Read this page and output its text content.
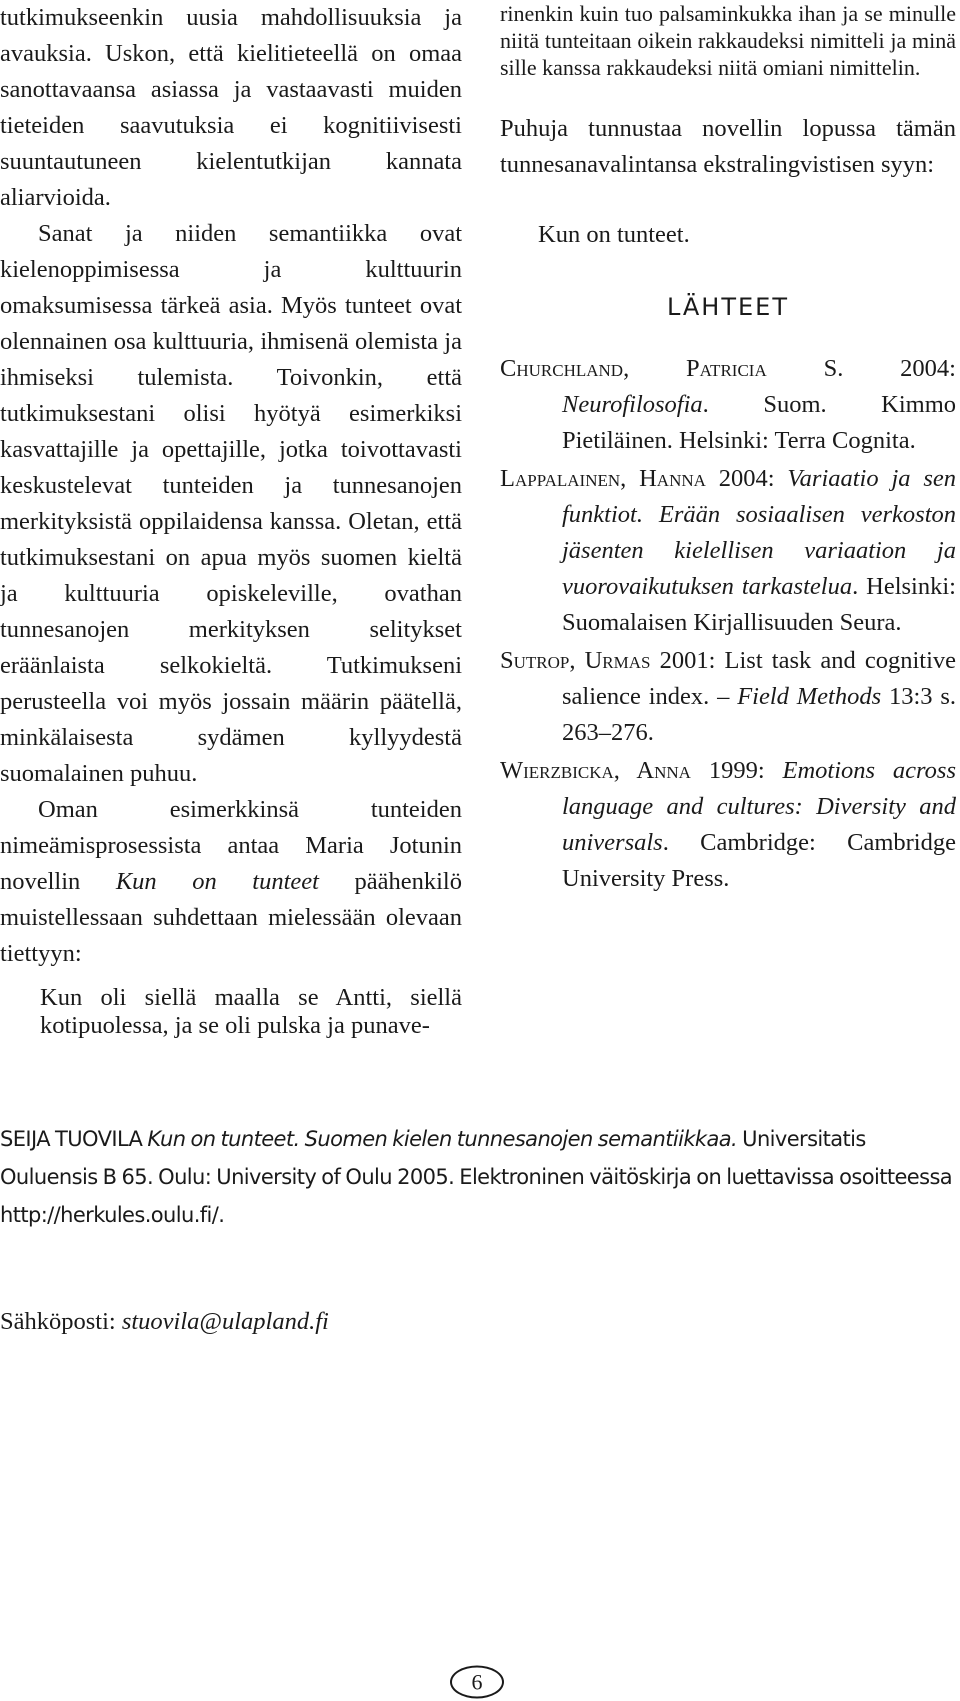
tutkimukseenkin uusia mahdollisuuksia ja avauksia. Uskon, että kielitieteellä on omaa sanottavaansa asiassa ja vastaavasti muiden tieteiden saavutuksia ei kognitiivisesti suuntautuneen kielentutkijan kannata aliarvioida.

Sanat ja niiden semantiikka ovat kielenoppimisessa ja kulttuurin omaksumisessa tärkeä asia. Myös tunteet ovat olennainen osa kulttuuria, ihmisenä olemista ja ihmiseksi tulemista. Toivonkin, että tutkimuksestani olisi hyötyä esimerkiksi kasvattajille ja opettajille, jotka toivottavasti keskustelevat tunteiden ja tunnesanojen merkityksistä oppilaidensa kanssa. Oletan, että tutkimuksestani on apua myös suomen kieltä ja kulttuuria opiskeleville, ovathan tunnesanojen merkityksen selitykset eräänlaista selkokieltä. Tutkimukseni perusteella voi myös jossain määrin päätellä, minkälaisesta sydämen kyllyydestä suomalainen puhuu.

Oman esimerkkinsä tunteiden nimeämisprosessista antaa Maria Jotunin novellin Kun on tunteet päähenkilö muistellessaan suhdettaan mielessään olevaan tiettyyn:

Kun oli siellä maalla se Antti, siellä kotipuolessa, ja se oli pulska ja punave-

rinenkin kuin tuo palsaminkukka ihan ja se minulle niitä tunteitaan oikein rakkaudeksi nimitteli ja minä sille kanssa rakkaudeksi niitä omiani nimittelin.

Puhuja tunnustaa novellin lopussa tämän tunnesanavalintansa ekstralingvistisen syyn:

Kun on tunteet.

LÄHTEET

Churchland, Patricia S. 2004: Neurofilosofia. Suom. Kimmo Pietiläinen. Helsinki: Terra Cognita.

Lappalainen, Hanna 2004: Variaatio ja sen funktiot. Erään sosiaalisen verkoston jäsenten kielellisen variaation ja vuorovaikutuksen tarkastelua. Helsinki: Suomalaisen Kirjallisuuden Seura.

Sutrop, Urmas 2001: List task and cognitive salience index. – Field Methods 13:3 s. 263–276.

Wierzbicka, Anna 1999: Emotions across language and cultures: Diversity and universals. Cambridge: Cambridge University Press.

SEIJA TUOVILA Kun on tunteet. Suomen kielen tunnesanojen semantiikkaa. Universitatis Ouluensis B 65. Oulu: University of Oulu 2005. Elektroninen väitöskirja on luettavissa osoitteessa http://herkules.oulu.fi/.
Sähköposti: stuovila@ulapland.fi
6
